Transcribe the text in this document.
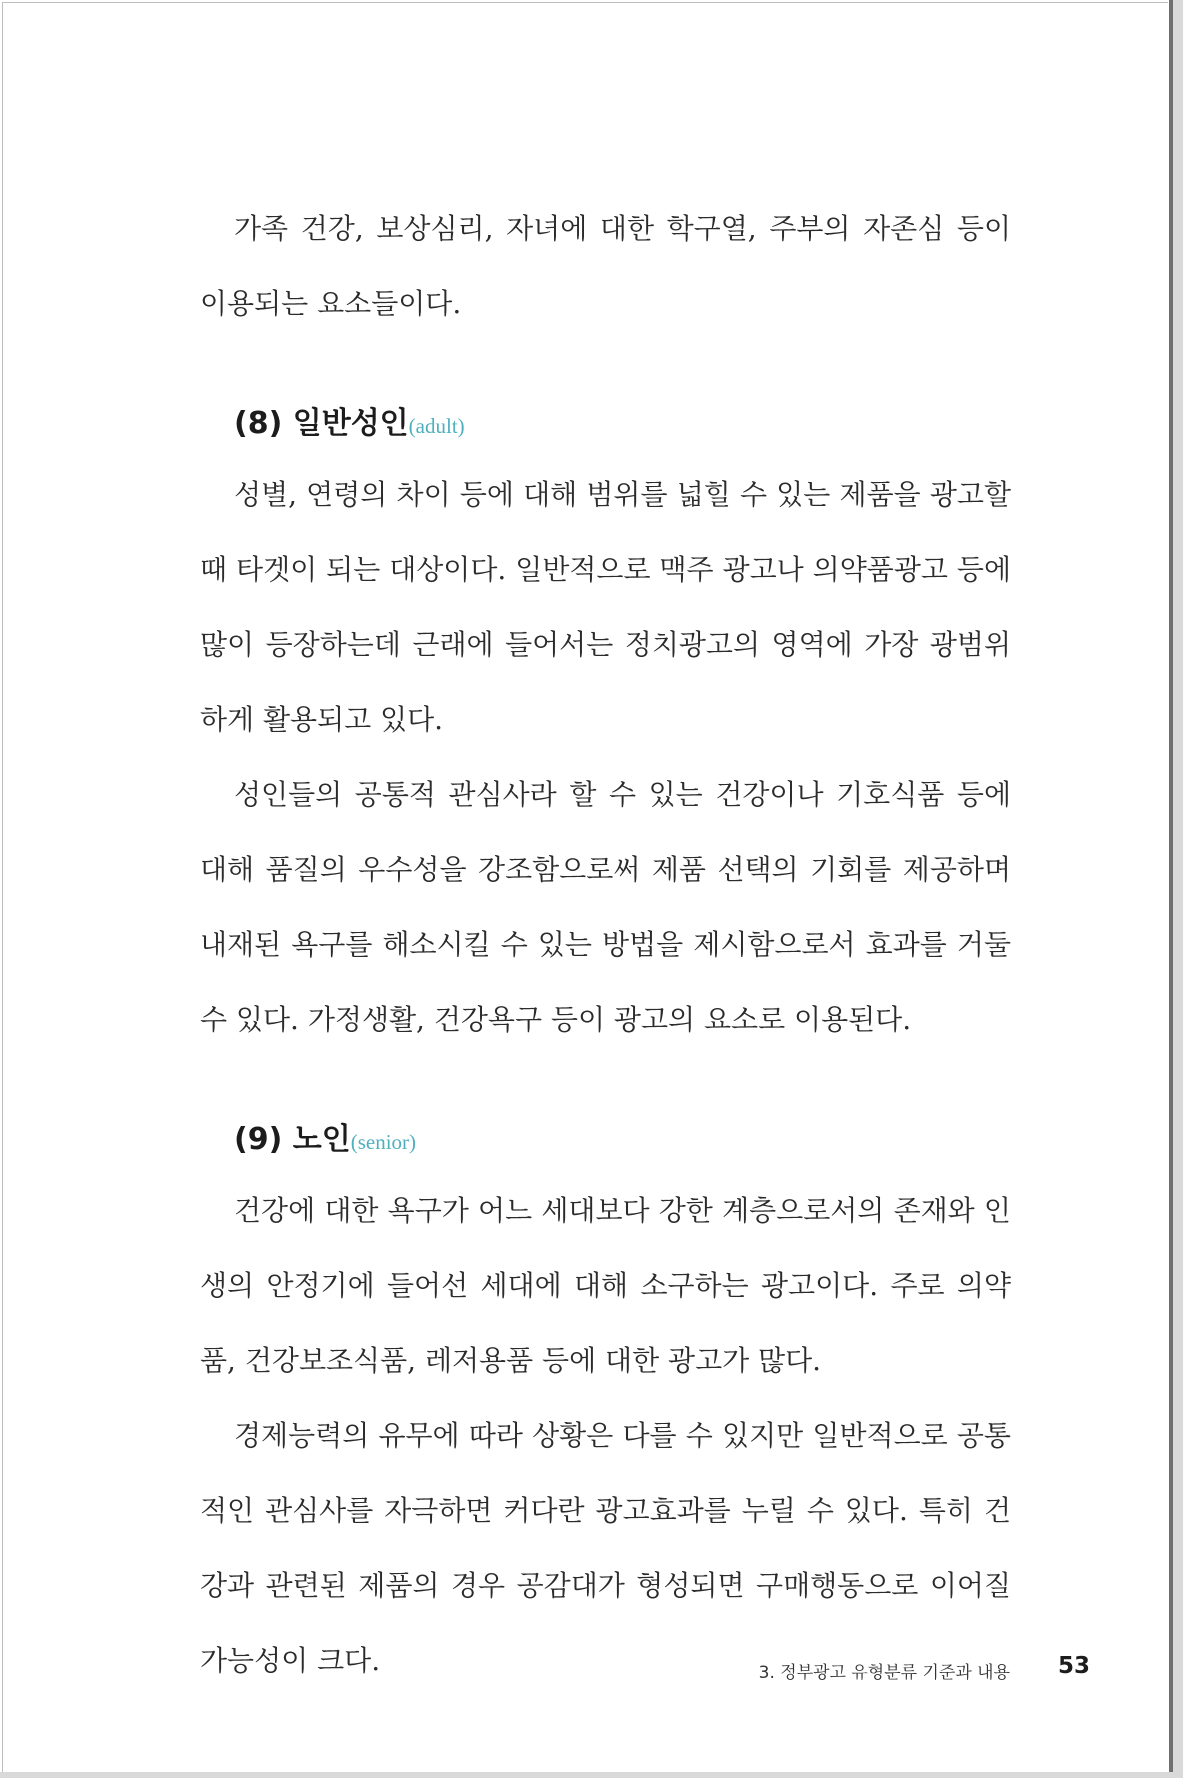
가족 건강, 보상심리, 자녀에 대한 학구열, 주부의 자존심 등이 이용되는 요소들이다.

(8) 일반성인(adult)

성별, 연령의 차이 등에 대해 범위를 넓힐 수 있는 제품을 광고할 때 타겟이 되는 대상이다. 일반적으로 맥주 광고나 의약품광고 등에 많이 등장하는데 근래에 들어서는 정치광고의 영역에 가장 광범위하게 활용되고 있다.

성인들의 공통적 관심사라 할 수 있는 건강이나 기호식품 등에 대해 품질의 우수성을 강조함으로써 제품 선택의 기회를 제공하며 내재된 욕구를 해소시킬 수 있는 방법을 제시함으로서 효과를 거둘 수 있다. 가정생활, 건강욕구 등이 광고의 요소로 이용된다.

(9) 노인(senior)

건강에 대한 욕구가 어느 세대보다 강한 계층으로서의 존재와 인생의 안정기에 들어선 세대에 대해 소구하는 광고이다. 주로 의약품, 건강보조식품, 레저용품 등에 대한 광고가 많다.

경제능력의 유무에 따라 상황은 다를 수 있지만 일반적으로 공통적인 관심사를 자극하면 커다란 광고효과를 누릴 수 있다. 특히 건강과 관련된 제품의 경우 공감대가 형성되면 구매행동으로 이어질 가능성이 크다.	3. 정부광고 유형분류 기준과 내용 53
